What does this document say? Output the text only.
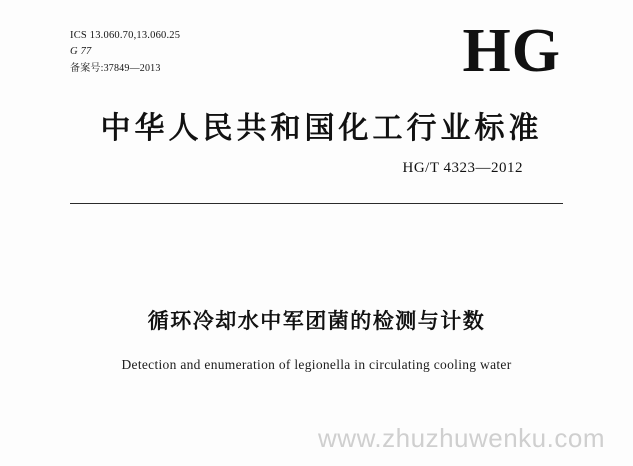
ICS 13.060.70,13.060.25
G 77
备案号:37849—2013	HG
中华人民共和国化工行业标准
HG/T 4323—2012
循环冷却水中军团菌的检测与计数
Detection and enumeration of legionella in circulating cooling water
www.zhuzhuwenku.com
